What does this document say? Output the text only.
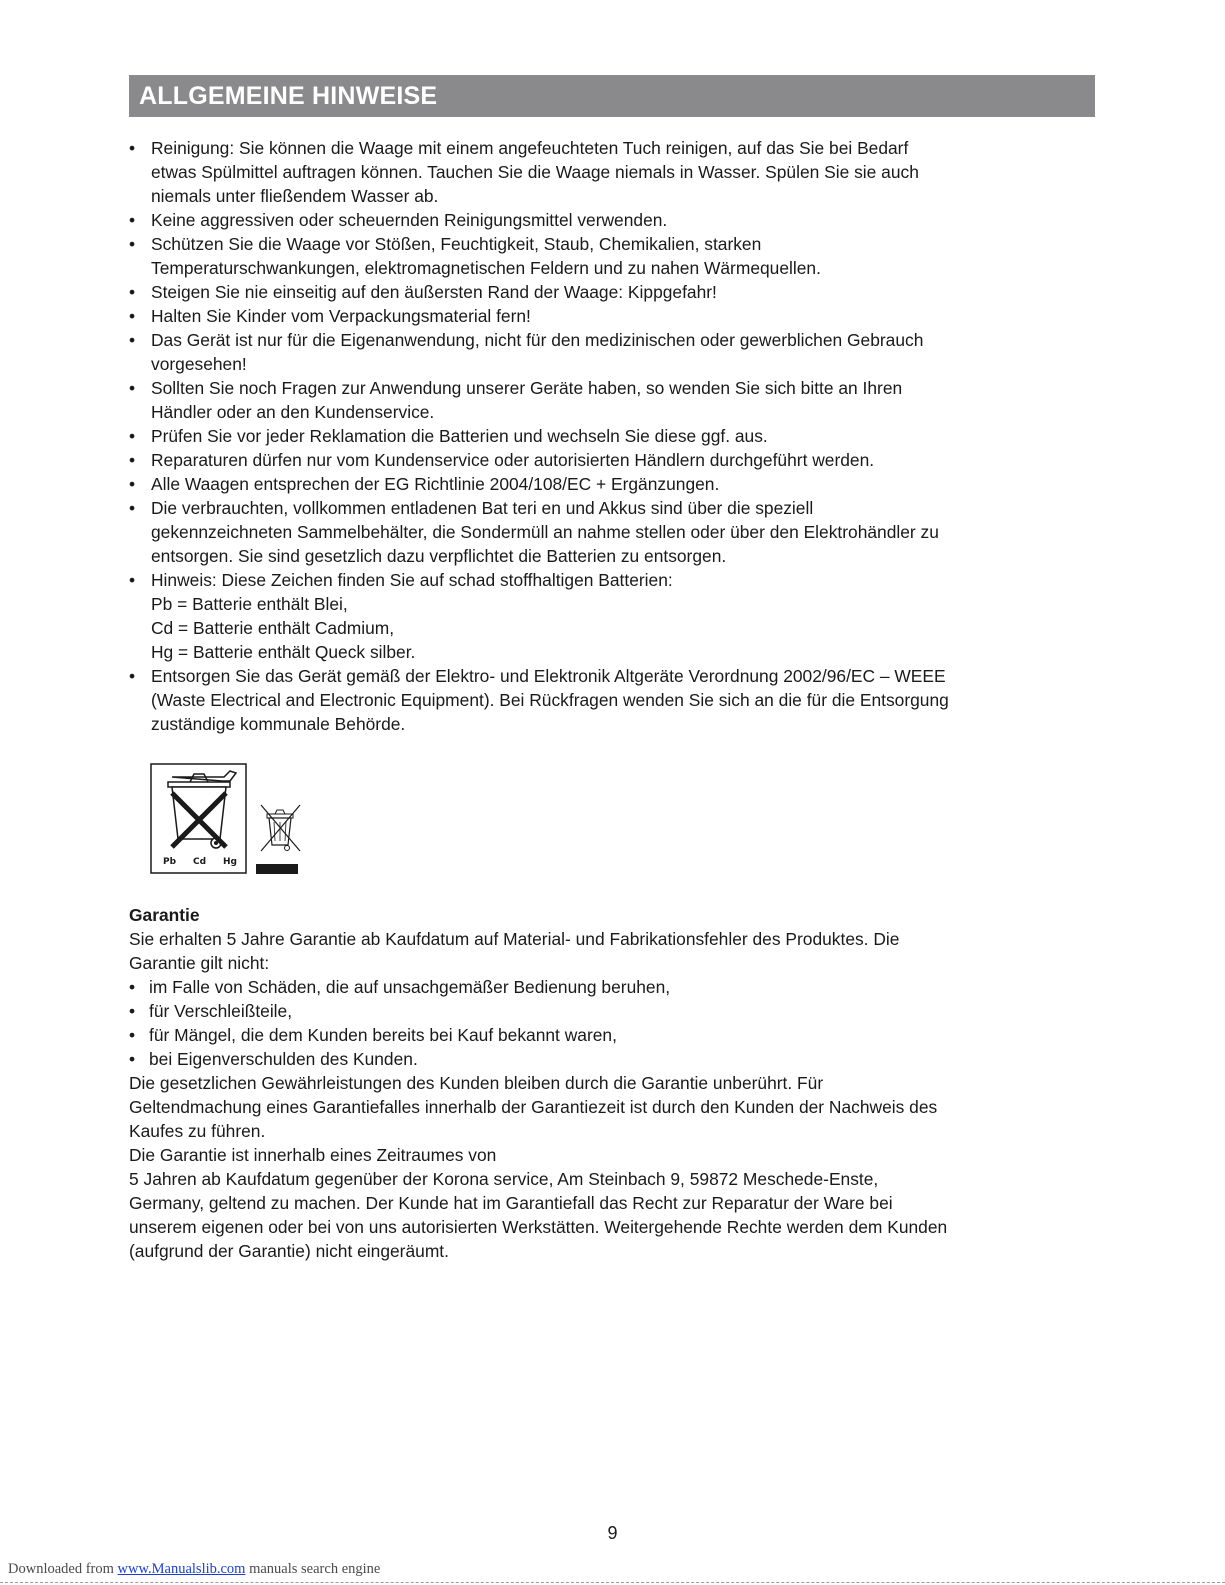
ALLGEMEINE HINWEISE
• Reinigung: Sie können die Waage mit einem angefeuchteten Tuch reinigen, auf das Sie bei Bedarf
etwas Spülmittel auftragen können. Tauchen Sie die Waage niemals in Wasser. Spülen Sie sie auch
niemals unter fließendem Wasser ab.
• Keine aggressiven oder scheuernden Reinigungsmittel verwenden.
• Schützen Sie die Waage vor Stößen, Feuchtigkeit, Staub, Chemikalien, starken
Temperaturschwankungen, elektromagnetischen Feldern und zu nahen Wärmequellen.
• Steigen Sie nie einseitig auf den äußersten Rand der Waage: Kippgefahr!
• Halten Sie Kinder vom Verpackungsmaterial fern!
• Das Gerät ist nur für die Eigenanwendung, nicht für den medizinischen oder gewerblichen Gebrauch
vorgesehen!
• Sollten Sie noch Fragen zur Anwendung unserer Geräte haben, so wenden Sie sich bitte an Ihren
Händler oder an den Kundenservice.
• Prüfen Sie vor jeder Reklamation die Batterien und wechseln Sie diese ggf. aus.
• Reparaturen dürfen nur vom Kundenservice oder autorisierten Händlern durchgeführt werden.
• Alle Waagen entsprechen der EG Richtlinie 2004/108/EC + Ergänzungen.
• Die verbrauchten, vollkommen entladenen Bat teri en und Akkus sind über die speziell
gekennzeichneten Sammelbehälter, die Sondermüll an nahme stellen oder über den Elektrohändler zu
entsorgen. Sie sind gesetzlich dazu verpflichtet die Batterien zu entsorgen.
• Hinweis: Diese Zeichen finden Sie auf schad stoffhaltigen Batterien:
Pb = Batterie enthält Blei,
Cd = Batterie enthält Cadmium,
Hg = Batterie enthält Queck silber.
• Entsorgen Sie das Gerät gemäß der Elektro- und Elektronik Altgeräte Verordnung 2002/96/EC – WEEE
(Waste Electrical and Electronic Equipment). Bei Rückfragen wenden Sie sich an die für die Entsorgung
zuständige kommunale Behörde.
Pb Cd Hg
Garantie
Sie erhalten 5 Jahre Garantie ab Kaufdatum auf Material- und Fabrikationsfehler des Produktes. Die
Garantie gilt nicht:
• im Falle von Schäden, die auf unsachgemäßer Bedienung beruhen,
• für Verschleißteile,
• für Mängel, die dem Kunden bereits bei Kauf bekannt waren,
• bei Eigenverschulden des Kunden.
Die gesetzlichen Gewährleistungen des Kunden bleiben durch die Garantie unberührt. Für
Geltendmachung eines Garantiefalles innerhalb der Garantiezeit ist durch den Kunden der Nachweis des
Kaufes zu führen.
Die Garantie ist innerhalb eines Zeitraumes von
5 Jahren ab Kaufdatum gegenüber der Korona service, Am Steinbach 9, 59872 Meschede-Enste,
Germany, geltend zu machen. Der Kunde hat im Garantiefall das Recht zur Reparatur der Ware bei
unserem eigenen oder bei von uns autorisierten Werkstätten. Weitergehende Rechte werden dem Kunden
(aufgrund der Garantie) nicht eingeräumt.
9
Downloaded from www.Manualslib.com manuals search engine
